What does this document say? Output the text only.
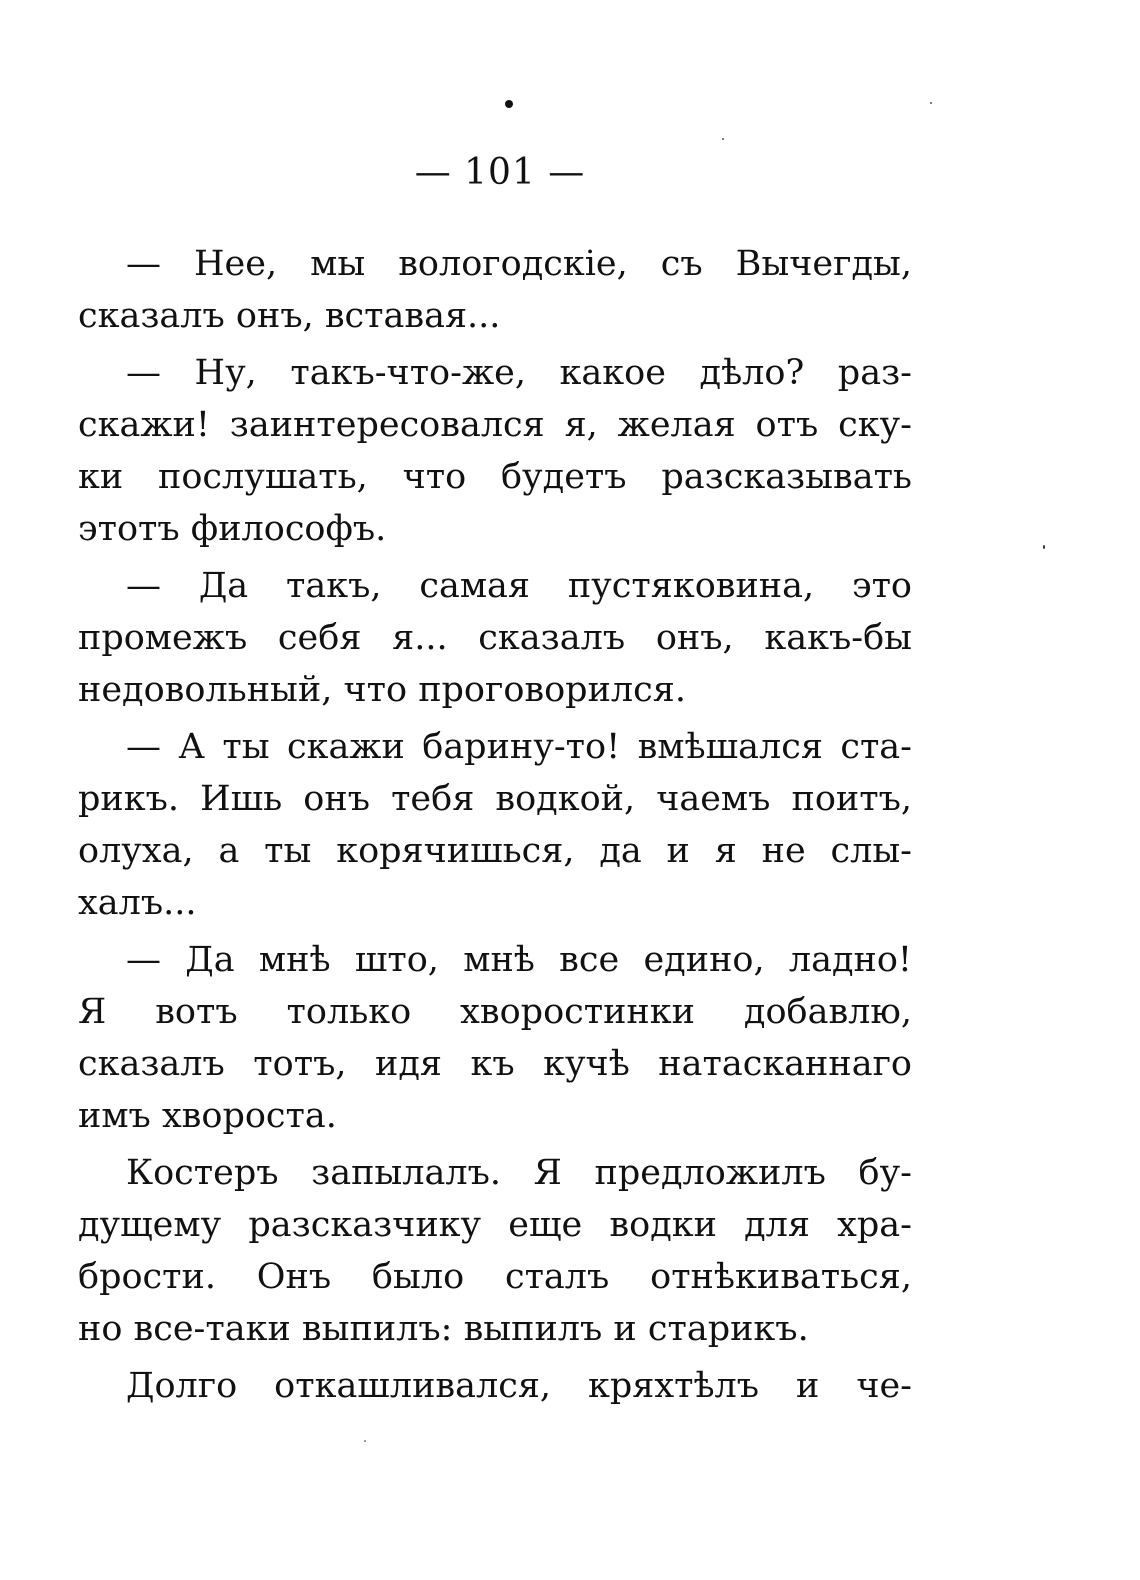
— 101 —
— Нее, мы вологодскіе, съ Вычегды,
сказалъ онъ, вставая...
— Ну, такъ-что-же, какое дѣло? раз-
скажи! заинтересовался я, желая отъ ску-
ки послушать, что будетъ разсказывать
этотъ философъ.
— Да такъ, самая пустяковина, это
промежъ себя я... сказалъ онъ, какъ-бы
недовольный, что проговорился.
— А ты скажи барину-то! вмѣшался ста-
рикъ. Ишь онъ тебя водкой, чаемъ поитъ,
олуха, а ты корячишься, да и я не слы-
халъ...
— Да мнѣ што, мнѣ все едино, ладно!
Я вотъ только хворостинки добавлю,
сказалъ тотъ, идя къ кучѣ натасканнаго
имъ хвороста.
Костеръ запылалъ. Я предложилъ бу-
дущему разсказчику еще водки для хра-
брости. Онъ было сталъ отнѣкиваться,
но все-таки выпилъ: выпилъ и старикъ.
Долго откашливался, кряхтѣлъ и че-
